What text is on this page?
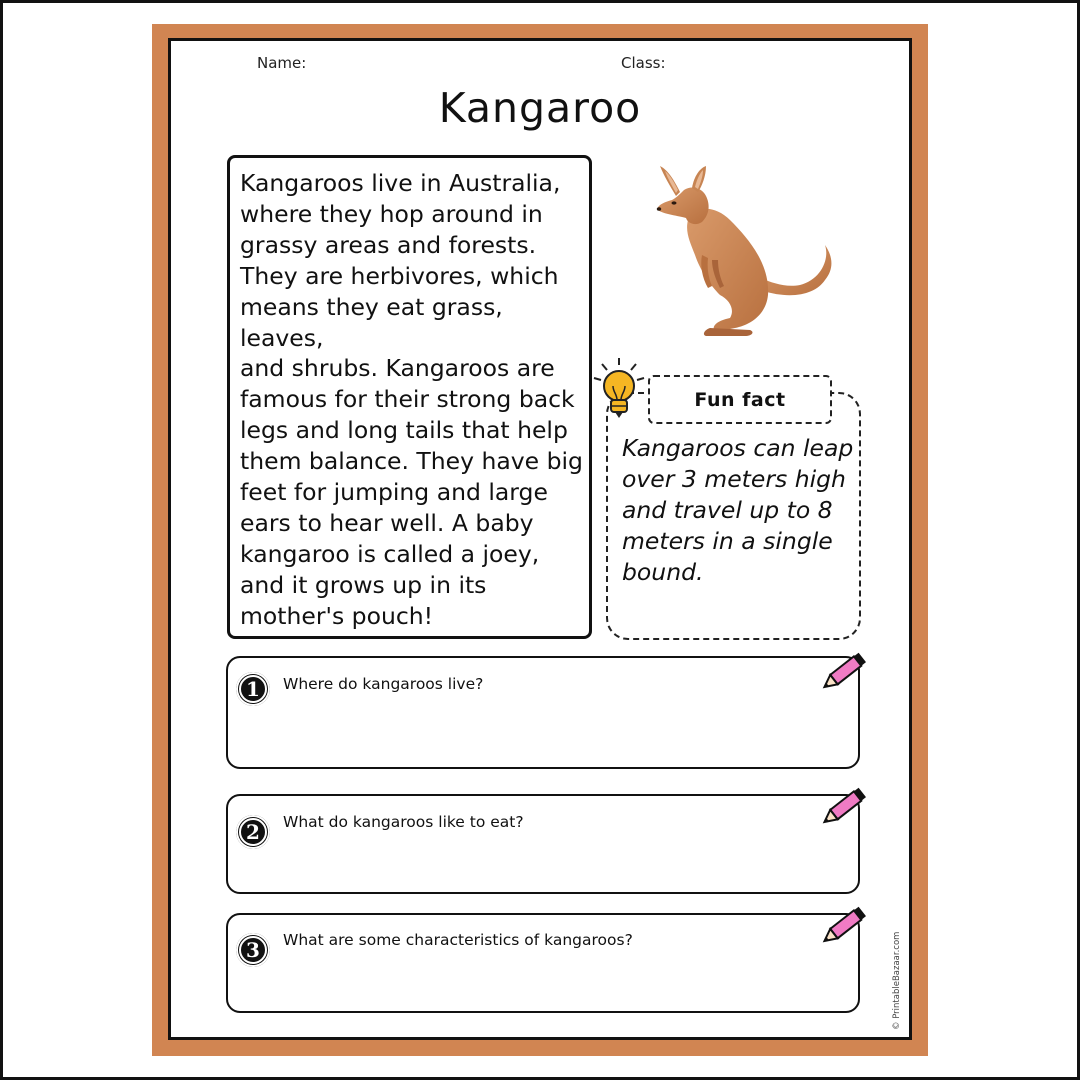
Name:	Class:
Kangaroo
Kangaroos live in Australia,
where they hop around in
grassy areas and forests.
They are herbivores, which
means they eat grass, leaves,
and shrubs. Kangaroos are
famous for their strong back
legs and long tails that help
them balance. They have big
feet for jumping and large
ears to hear well. A baby
kangaroo is called a joey,
and it grows up in its
mother's pouch!
Fun fact
Kangaroos can leap
over 3 meters high
and travel up to 8
meters in a single
bound.
1	Where do kangaroos live?
2	What do kangaroos like to eat?
3	What are some characteristics of kangaroos?	© PrintableBazaar.com
